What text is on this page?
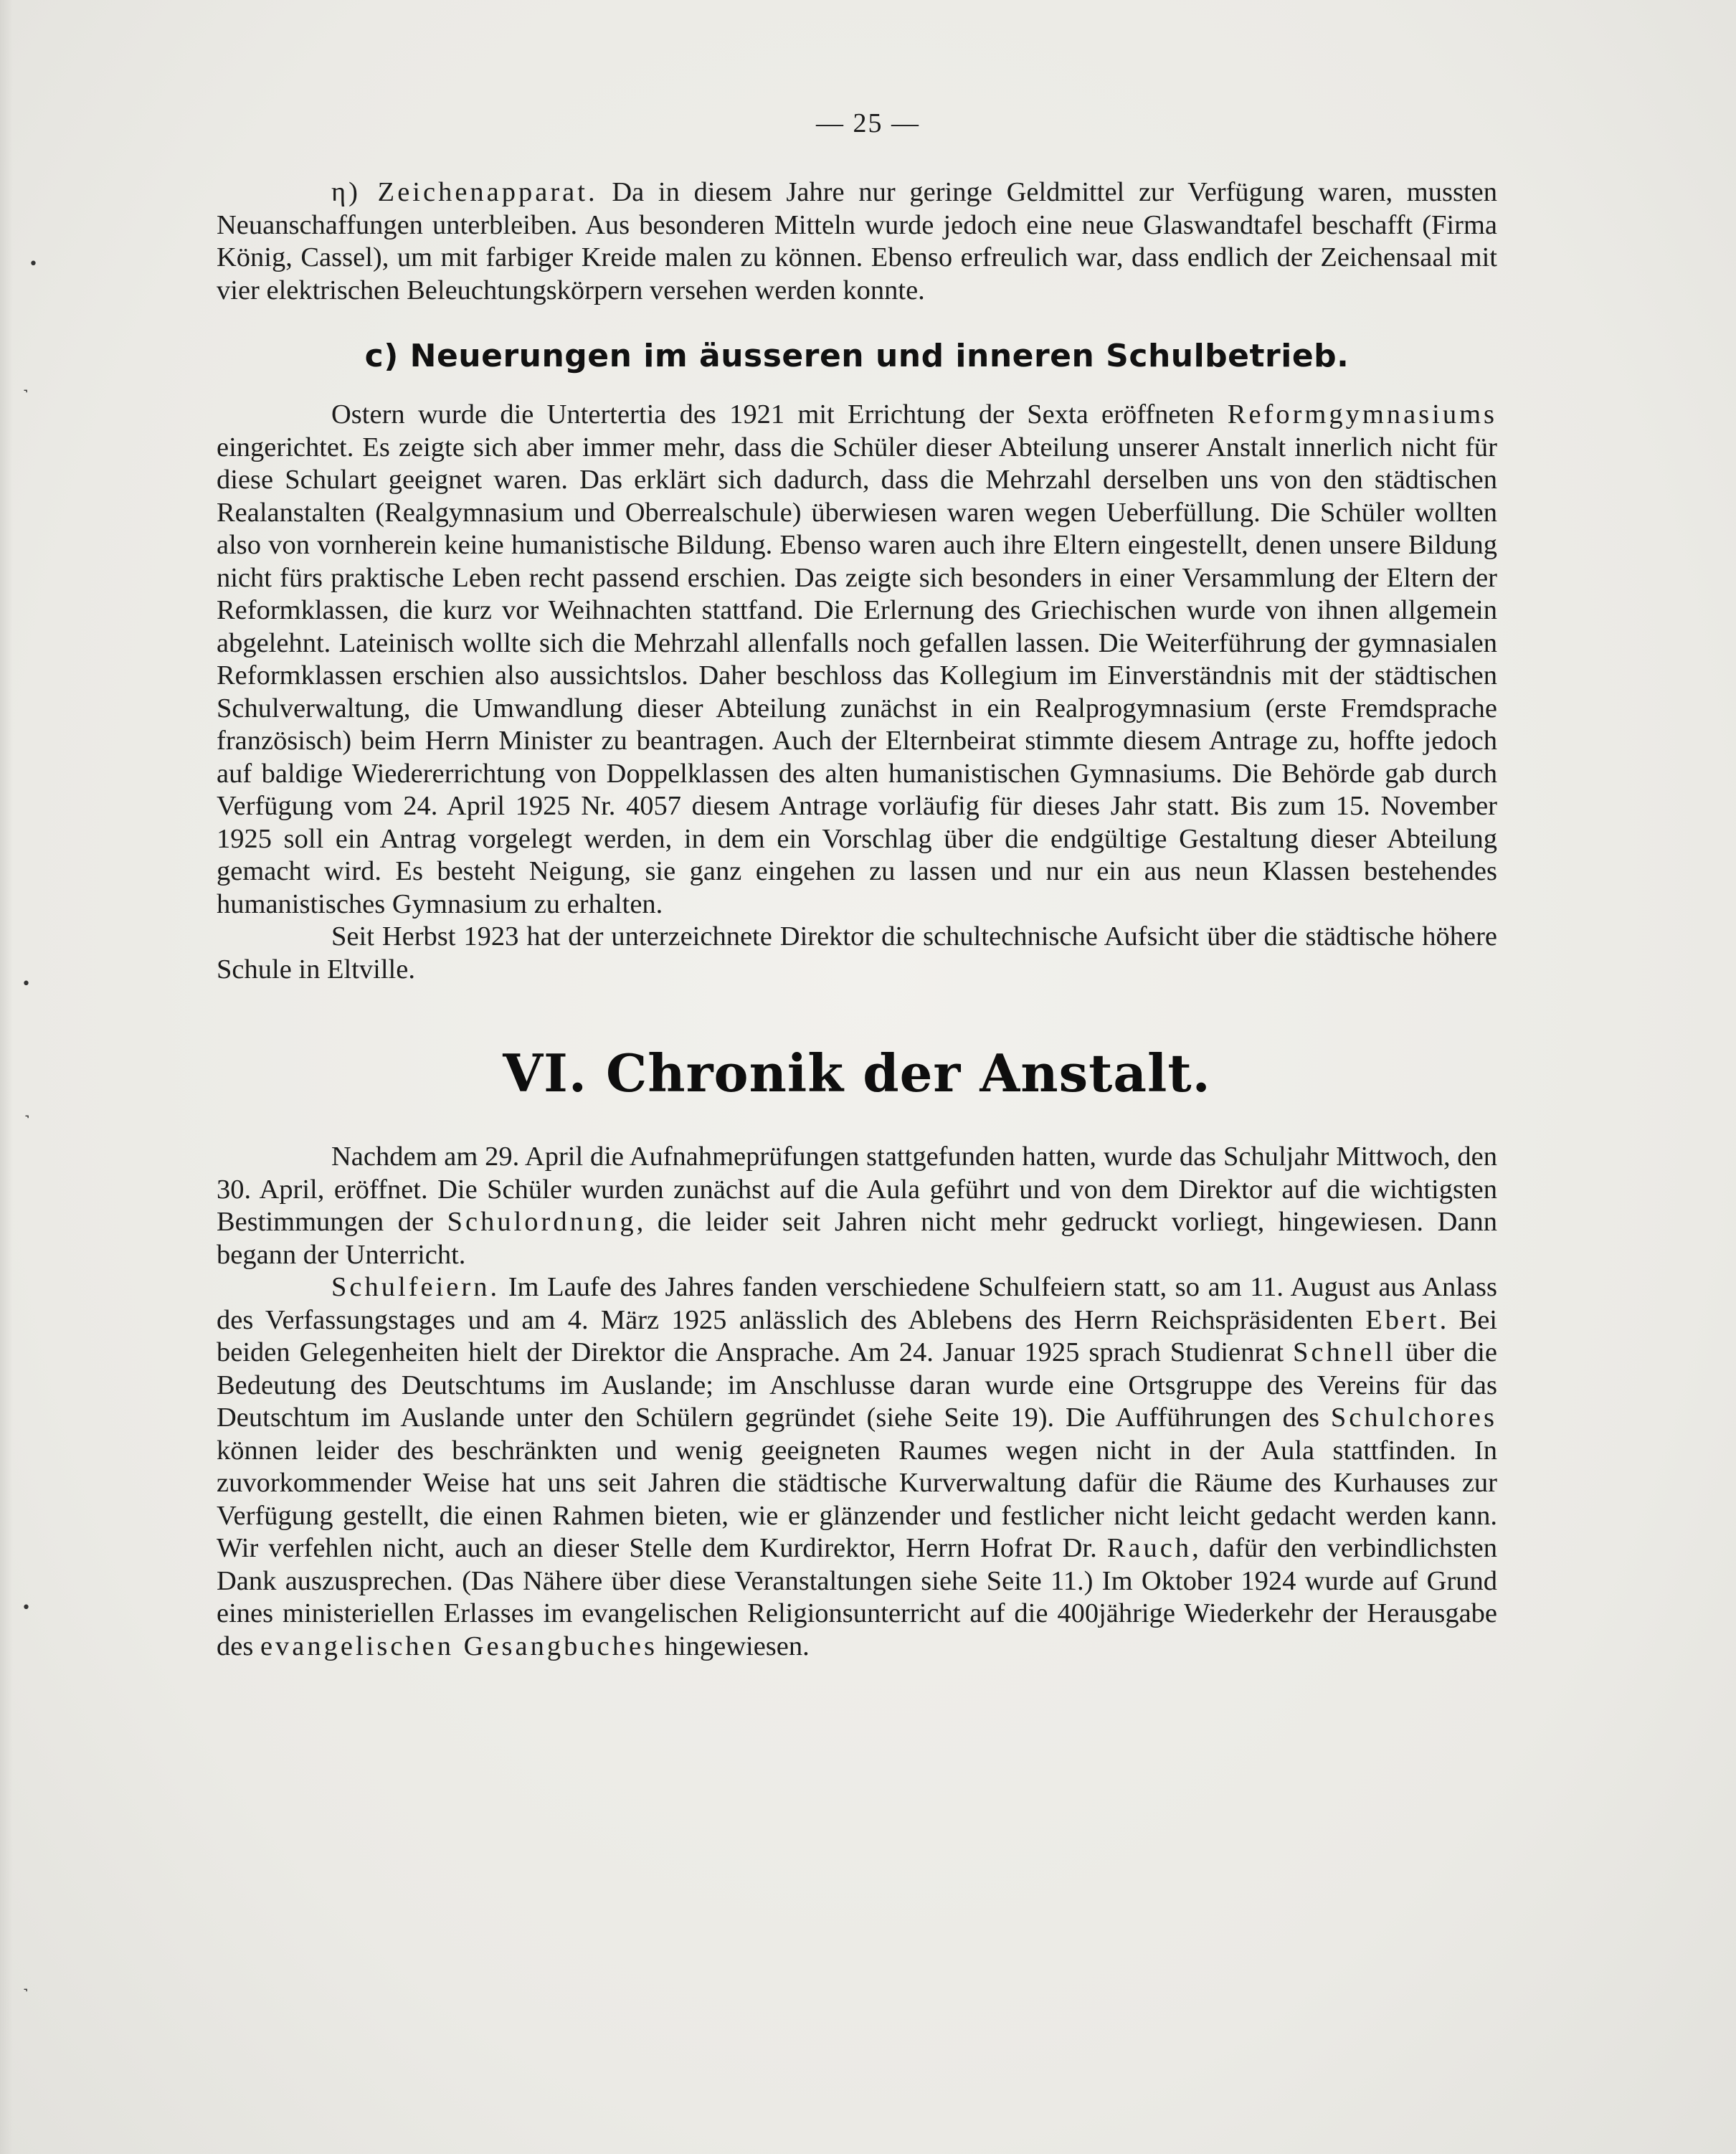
•
˺
•
˺
•
˺
— 25 —

η) Zeichenapparat. Da in diesem Jahre nur geringe Geldmittel zur Verfügung waren, mussten Neuanschaffungen unterbleiben. Aus besonderen Mitteln wurde jedoch eine neue Glaswandtafel beschafft (Firma König, Cassel), um mit farbiger Kreide malen zu können. Ebenso erfreulich war, dass endlich der Zeichensaal mit vier elektrischen Beleuchtungskörpern versehen werden konnte.

c) Neuerungen im äusseren und inneren Schulbetrieb.

Ostern wurde die Untertertia des 1921 mit Errichtung der Sexta eröffneten Reformgymnasiums eingerichtet. Es zeigte sich aber immer mehr, dass die Schüler dieser Abteilung unserer Anstalt innerlich nicht für diese Schulart geeignet waren. Das erklärt sich dadurch, dass die Mehrzahl derselben uns von den städtischen Realanstalten (Realgymnasium und Oberrealschule) überwiesen waren wegen Ueberfüllung. Die Schüler wollten also von vornherein keine humanistische Bildung. Ebenso waren auch ihre Eltern eingestellt, denen unsere Bildung nicht fürs praktische Leben recht passend erschien. Das zeigte sich besonders in einer Versammlung der Eltern der Reformklassen, die kurz vor Weihnachten stattfand. Die Erlernung des Griechischen wurde von ihnen allgemein abgelehnt. Lateinisch wollte sich die Mehrzahl allenfalls noch gefallen lassen. Die Weiterführung der gymnasialen Reformklassen erschien also aussichtslos. Daher beschloss das Kollegium im Einverständnis mit der städtischen Schulverwaltung, die Umwandlung dieser Abteilung zunächst in ein Realprogymnasium (erste Fremdsprache französisch) beim Herrn Minister zu beantragen. Auch der Elternbeirat stimmte diesem Antrage zu, hoffte jedoch auf baldige Wiedererrichtung von Doppelklassen des alten humanistischen Gymnasiums. Die Behörde gab durch Verfügung vom 24. April 1925 Nr. 4057 diesem Antrage vorläufig für dieses Jahr statt. Bis zum 15. November 1925 soll ein Antrag vorgelegt werden, in dem ein Vorschlag über die endgültige Gestaltung dieser Abteilung gemacht wird. Es besteht Neigung, sie ganz eingehen zu lassen und nur ein aus neun Klassen bestehendes humanistisches Gymnasium zu erhalten.

Seit Herbst 1923 hat der unterzeichnete Direktor die schultechnische Aufsicht über die städtische höhere Schule in Eltville.

VI. Chronik der Anstalt.

Nachdem am 29. April die Aufnahmeprüfungen stattgefunden hatten, wurde das Schuljahr Mittwoch, den 30. April, eröffnet. Die Schüler wurden zunächst auf die Aula geführt und von dem Direktor auf die wichtigsten Bestimmungen der Schulordnung, die leider seit Jahren nicht mehr gedruckt vorliegt, hingewiesen. Dann begann der Unterricht.

Schulfeiern. Im Laufe des Jahres fanden verschiedene Schulfeiern statt, so am 11. August aus Anlass des Verfassungstages und am 4. März 1925 anlässlich des Ablebens des Herrn Reichspräsidenten Ebert. Bei beiden Gelegenheiten hielt der Direktor die Ansprache. Am 24. Januar 1925 sprach Studienrat Schnell über die Bedeutung des Deutschtums im Auslande; im Anschlusse daran wurde eine Ortsgruppe des Vereins für das Deutschtum im Auslande unter den Schülern gegründet (siehe Seite 19). Die Aufführungen des Schulchores können leider des beschränkten und wenig geeigneten Raumes wegen nicht in der Aula stattfinden. In zuvorkommender Weise hat uns seit Jahren die städtische Kurverwaltung dafür die Räume des Kurhauses zur Verfügung gestellt, die einen Rahmen bieten, wie er glänzender und festlicher nicht leicht gedacht werden kann. Wir verfehlen nicht, auch an dieser Stelle dem Kurdirektor, Herrn Hofrat Dr. Rauch, dafür den verbindlichsten Dank auszusprechen. (Das Nähere über diese Veranstaltungen siehe Seite 11.) Im Oktober 1924 wurde auf Grund eines ministeriellen Erlasses im evangelischen Religionsunterricht auf die 400jährige Wiederkehr der Herausgabe des evangelischen Gesangbuches hingewiesen.
